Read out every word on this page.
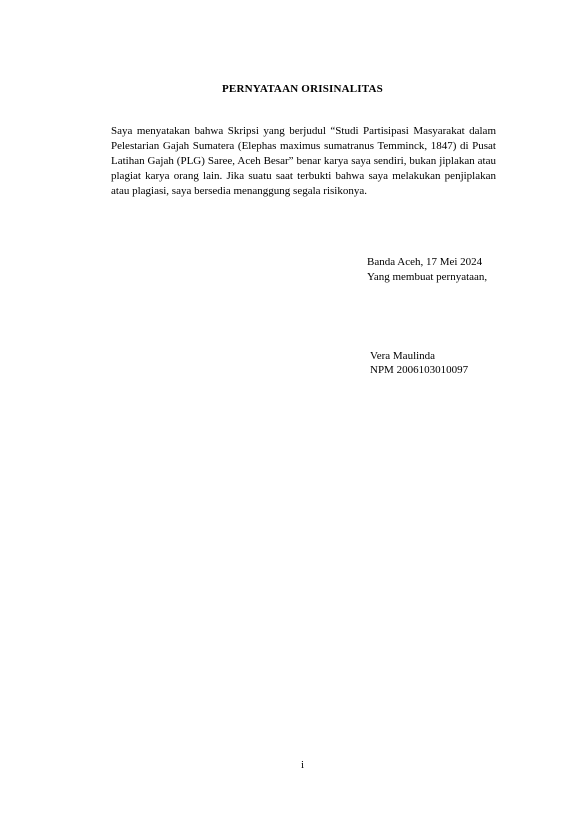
PERNYATAAN ORISINALITAS
Saya menyatakan bahwa Skripsi yang berjudul “Studi Partisipasi Masyarakat dalam Pelestarian Gajah Sumatera (Elephas maximus sumatranus Temminck, 1847) di Pusat Latihan Gajah (PLG) Saree, Aceh Besar” benar karya saya sendiri, bukan jiplakan atau plagiat karya orang lain. Jika suatu saat terbukti bahwa saya melakukan penjiplakan atau plagiasi, saya bersedia menanggung segala risikonya.
Banda Aceh, 17 Mei 2024
Yang membuat pernyataan,
Vera Maulinda
NPM 2006103010097
i
